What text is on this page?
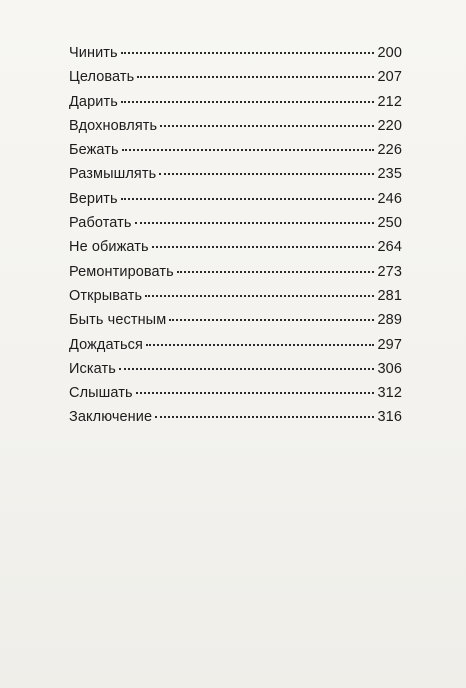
Чинить	200
Целовать	207
Дарить	212
Вдохновлять	220
Бежать	226
Размышлять	235
Верить	246
Работать	250
Не обижать	264
Ремонтировать	273
Открывать	281
Быть честным	289
Дождаться	297
Искать	306
Слышать	312
Заключение	316
